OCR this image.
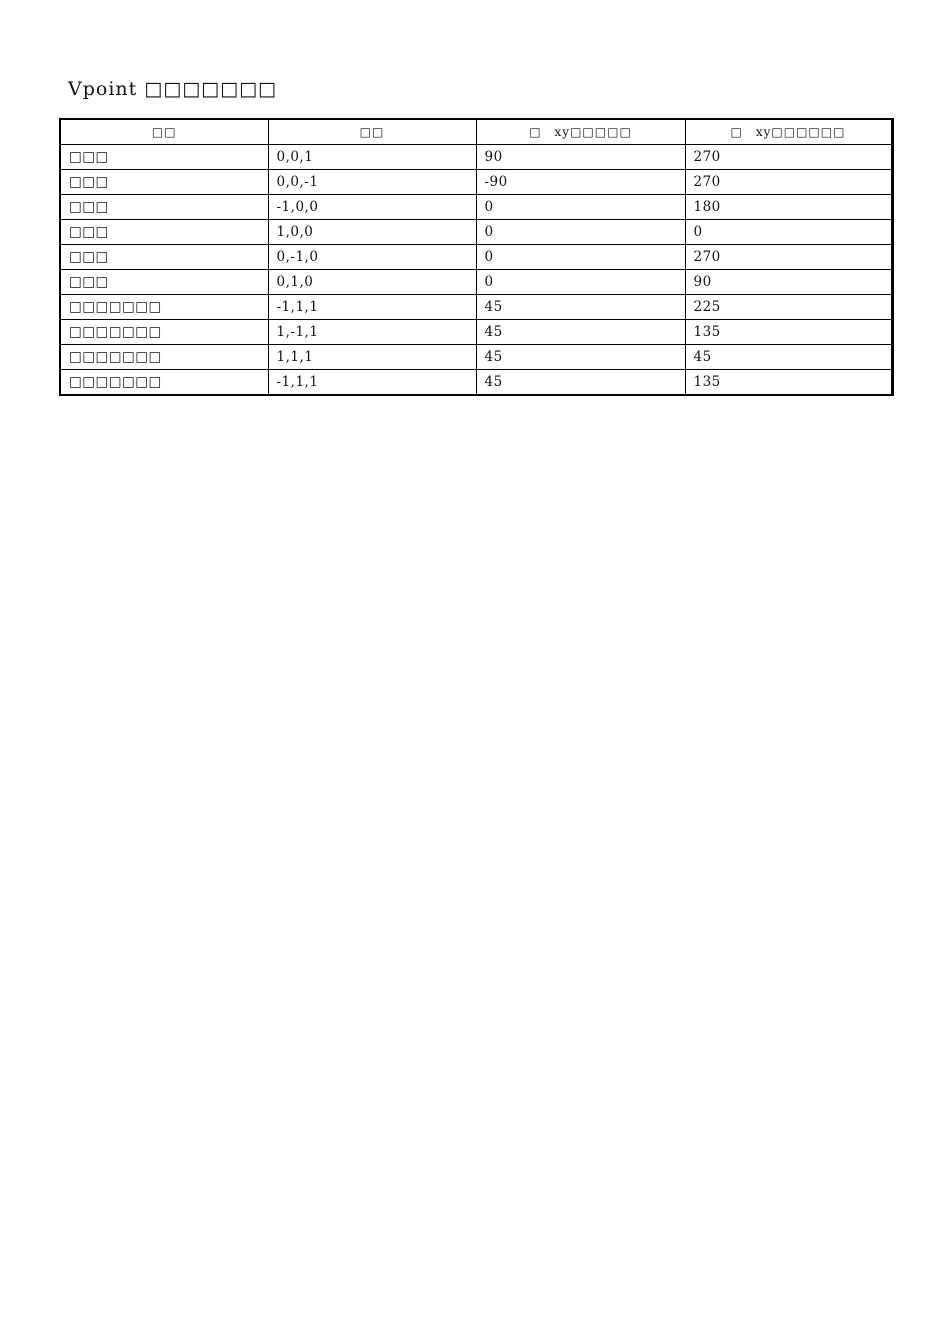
Vpoint □□□□□□□
□□	□□	□　xy□□□□□	□　xy□□□□□□
□□□	0,0,1	90	270
□□□	0,0,-1	-90	270
□□□	-1,0,0	0	180
□□□	1,0,0	0	0
□□□	0,-1,0	0	270
□□□	0,1,0	0	90
□□□□□□□	-1,1,1	45	225
□□□□□□□	1,-1,1	45	135
□□□□□□□	1,1,1	45	45
□□□□□□□	-1,1,1	45	135
